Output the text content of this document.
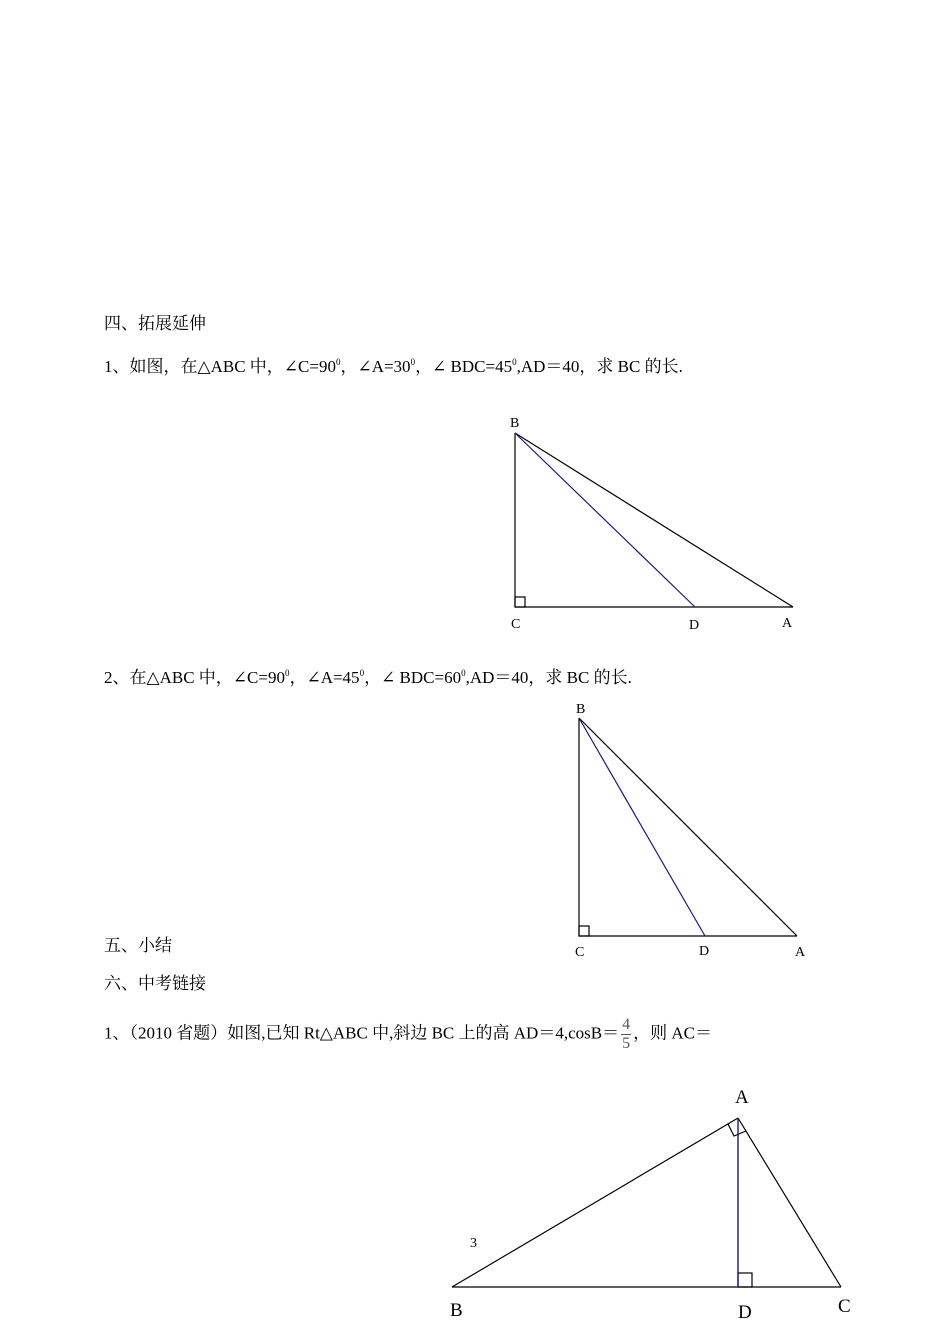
四、拓展延伸
1、如图，在△ABC 中，$\angle C=90^0$，$\angle A=30^0$，∠ $BDC=45^0,AD=40$，求 BC 的长.
2、在△ABC 中，$\angle C=90^0$，$\angle A=45^0$，∠ $BDC=60^0,AD=40$，求 BC 的长.
五、小结
六、中考链接
1、（2010 省题）如图,已知 Rt△ABC 中,斜边 BC 上的高 $AD=4,\cos B= \frac{4}{5}$ ，则 AC＝
B
C	D	A
B
C	D	A
A
B	D	C
3
